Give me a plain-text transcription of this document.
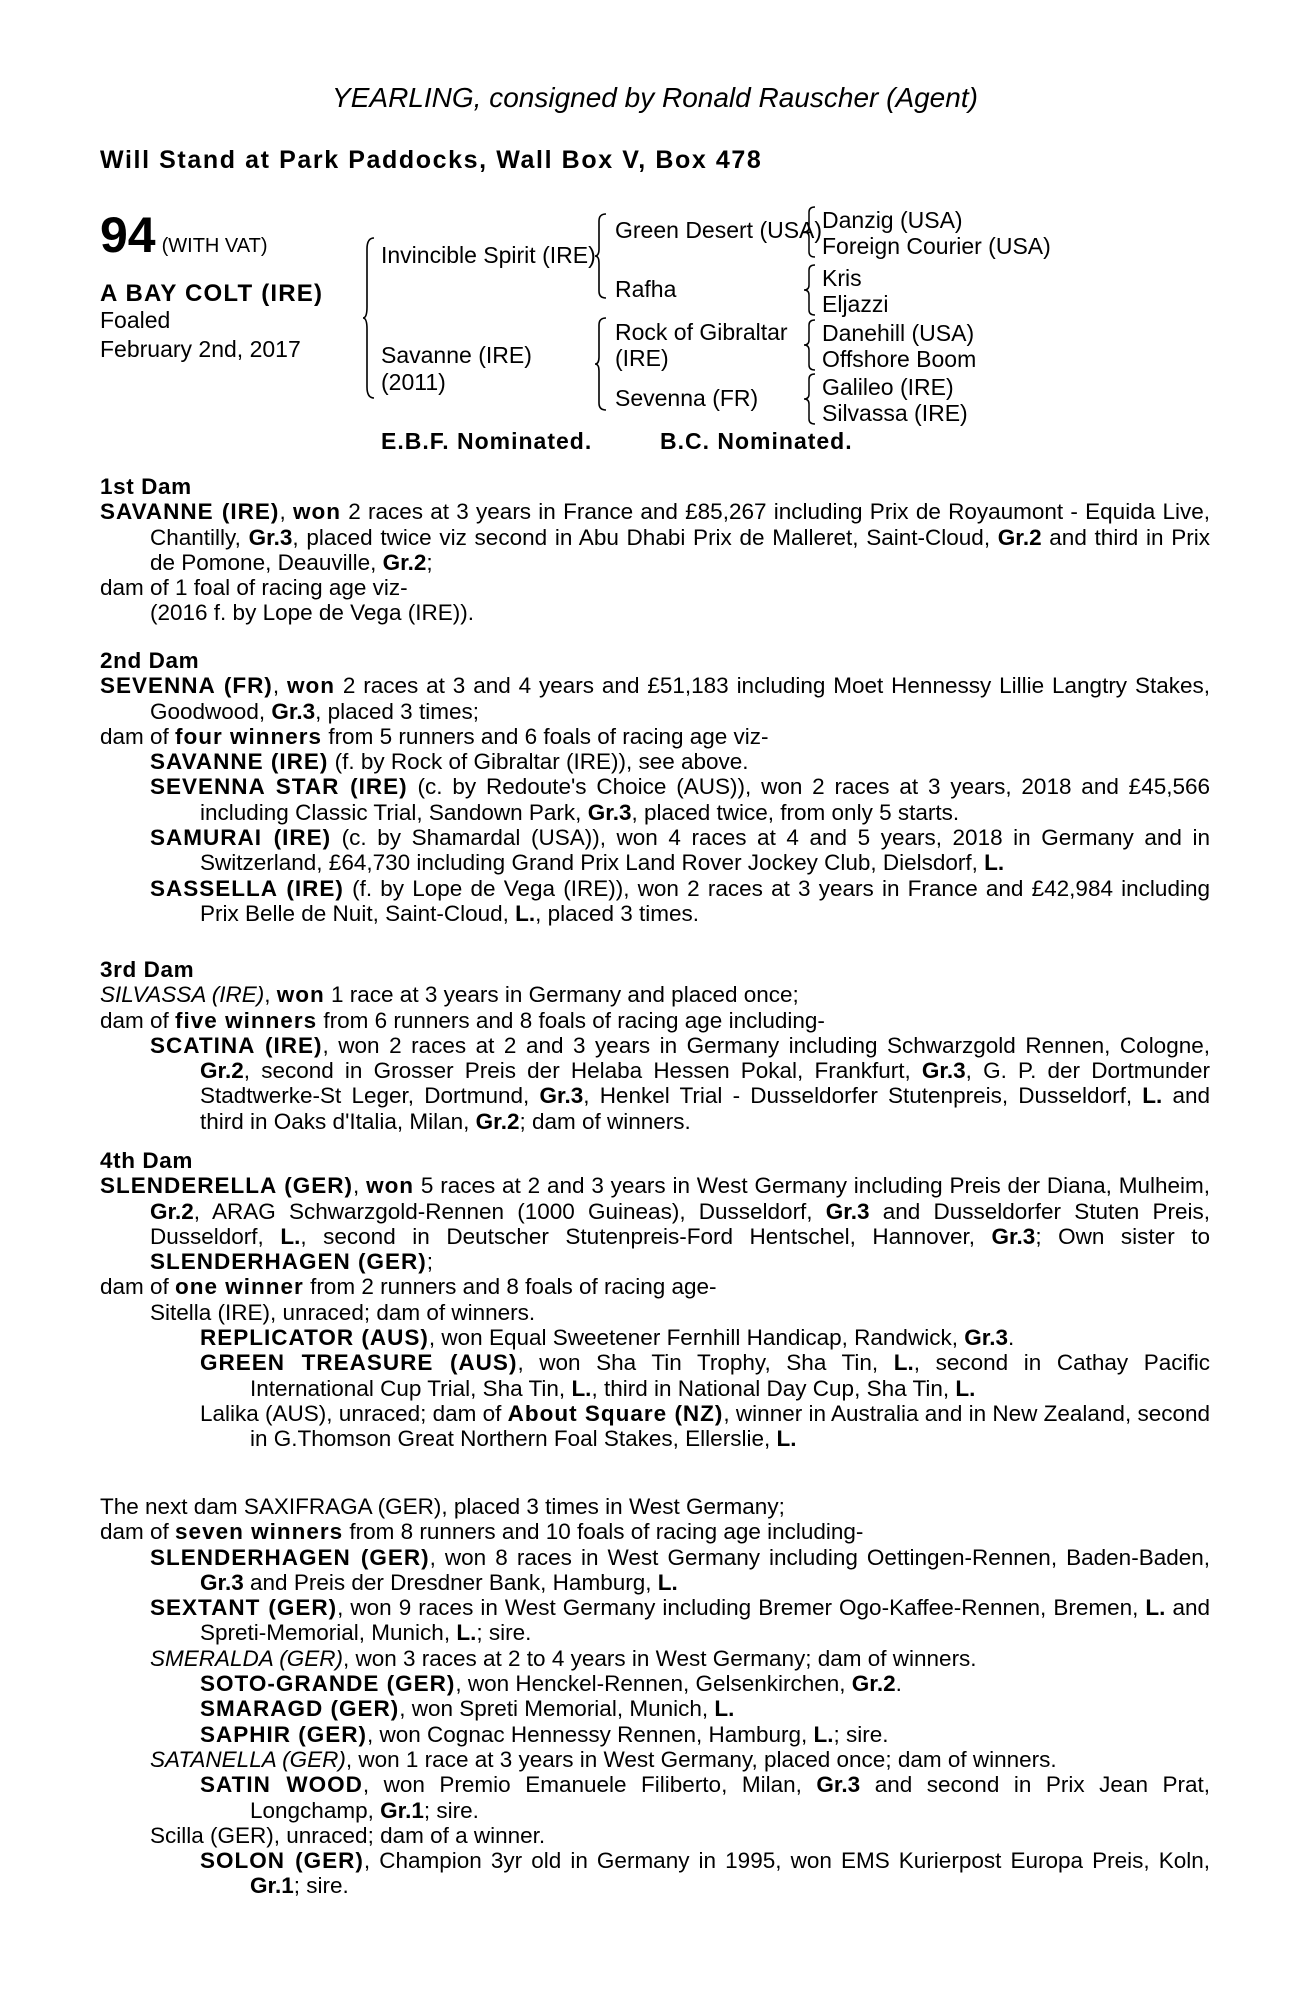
YEARLING, consigned by Ronald Rauscher (Agent)
Will Stand at Park Paddocks, Wall Box V, Box 478
94 (WITH VAT)
A BAY COLT (IRE)
Foaled
February 2nd, 2017
Invincible Spirit (IRE)
Savanne (IRE)
(2011)
Green Desert (USA)
Rafha
Rock of Gibraltar
(IRE)
Sevenna (FR)
Danzig (USA)
Foreign Courier (USA)
Kris
Eljazzi
Danehill (USA)
Offshore Boom
Galileo (IRE)
Silvassa (IRE)
E.B.F. Nominated.	B.C. Nominated.

1st Dam

SAVANNE (IRE), won 2 races at 3 years in France and £85,267 including Prix de Royaumont - Equida Live, Chantilly, Gr.3, placed twice viz second in Abu Dhabi Prix de Malleret, Saint-Cloud, Gr.2 and third in Prix de Pomone, Deauville, Gr.2;

dam of 1 foal of racing age viz-

(2016 f. by Lope de Vega (IRE)).

2nd Dam

SEVENNA (FR), won 2 races at 3 and 4 years and £51,183 including Moet Hennessy Lillie Langtry Stakes, Goodwood, Gr.3, placed 3 times;

dam of four winners from 5 runners and 6 foals of racing age viz-

SAVANNE (IRE) (f. by Rock of Gibraltar (IRE)), see above.

SEVENNA STAR (IRE) (c. by Redoute's Choice (AUS)), won 2 races at 3 years, 2018 and £45,566 including Classic Trial, Sandown Park, Gr.3, placed twice, from only 5 starts.

SAMURAI (IRE) (c. by Shamardal (USA)), won 4 races at 4 and 5 years, 2018 in Germany and in Switzerland, £64,730 including Grand Prix Land Rover Jockey Club, Dielsdorf, L.

SASSELLA (IRE) (f. by Lope de Vega (IRE)), won 2 races at 3 years in France and £42,984 including Prix Belle de Nuit, Saint-Cloud, L., placed 3 times.

3rd Dam

SILVASSA (IRE), won 1 race at 3 years in Germany and placed once;

dam of five winners from 6 runners and 8 foals of racing age including-

SCATINA (IRE), won 2 races at 2 and 3 years in Germany including Schwarzgold Rennen, Cologne, Gr.2, second in Grosser Preis der Helaba Hessen Pokal, Frankfurt, Gr.3, G. P. der Dortmunder Stadtwerke-St Leger, Dortmund, Gr.3, Henkel Trial - Dusseldorfer Stutenpreis, Dusseldorf, L. and third in Oaks d'Italia, Milan, Gr.2; dam of winners.

4th Dam

SLENDERELLA (GER), won 5 races at 2 and 3 years in West Germany including Preis der Diana, Mulheim, Gr.2, ARAG Schwarzgold-Rennen (1000 Guineas), Dusseldorf, Gr.3 and Dusseldorfer Stuten Preis, Dusseldorf, L., second in Deutscher Stutenpreis-Ford Hentschel, Hannover, Gr.3; Own sister to SLENDERHAGEN (GER);

dam of one winner from 2 runners and 8 foals of racing age-

Sitella (IRE), unraced; dam of winners.

REPLICATOR (AUS), won Equal Sweetener Fernhill Handicap, Randwick, Gr.3.

GREEN TREASURE (AUS), won Sha Tin Trophy, Sha Tin, L., second in Cathay Pacific International Cup Trial, Sha Tin, L., third in National Day Cup, Sha Tin, L.

Lalika (AUS), unraced; dam of About Square (NZ), winner in Australia and in New Zealand, second in G.Thomson Great Northern Foal Stakes, Ellerslie, L.

The next dam SAXIFRAGA (GER), placed 3 times in West Germany;

dam of seven winners from 8 runners and 10 foals of racing age including-

SLENDERHAGEN (GER), won 8 races in West Germany including Oettingen-Rennen, Baden-Baden, Gr.3 and Preis der Dresdner Bank, Hamburg, L.

SEXTANT (GER), won 9 races in West Germany including Bremer Ogo-Kaffee-Rennen, Bremen, L. and Spreti-Memorial, Munich, L.; sire.

SMERALDA (GER), won 3 races at 2 to 4 years in West Germany; dam of winners.

SOTO-GRANDE (GER), won Henckel-Rennen, Gelsenkirchen, Gr.2.

SMARAGD (GER), won Spreti Memorial, Munich, L.

SAPHIR (GER), won Cognac Hennessy Rennen, Hamburg, L.; sire.

SATANELLA (GER), won 1 race at 3 years in West Germany, placed once; dam of winners.

SATIN WOOD, won Premio Emanuele Filiberto, Milan, Gr.3 and second in Prix Jean Prat, Longchamp, Gr.1; sire.

Scilla (GER), unraced; dam of a winner.

SOLON (GER), Champion 3yr old in Germany in 1995, won EMS Kurierpost Europa Preis, Koln, Gr.1; sire.
